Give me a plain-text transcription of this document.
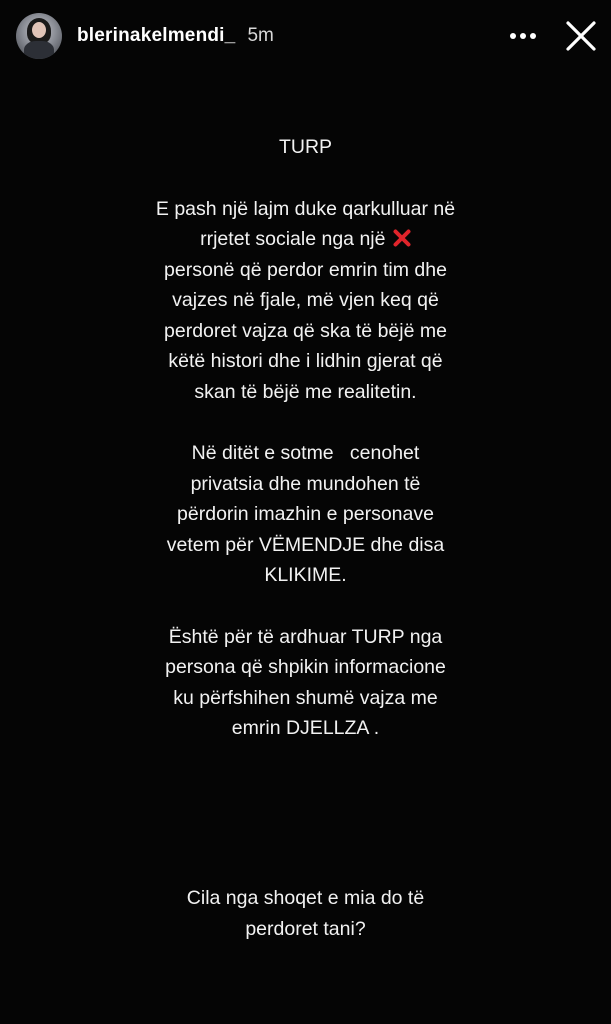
blerinakelmendi_ 5m

TURP

E pash një lajm duke qarkulluar në
rrjetet sociale nga një
personë që perdor emrin tim dhe
vajzes në fjale, më vjen keq që
perdoret vajza që ska të bëjë me
këtë histori dhe i lidhin gjerat që
skan të bëjë me realitetin.

Në ditët e sotme   cenohet
privatsia dhe mundohen të
përdorin imazhin e personave
vetem për VËMENDJE dhe disa
KLIKIME.

Është për të ardhuar TURP nga
persona që shpikin informacione
ku përfshihen shumë vajza me
emrin DJELLZA .

Cila nga shoqet e mia do të
perdoret tani?
